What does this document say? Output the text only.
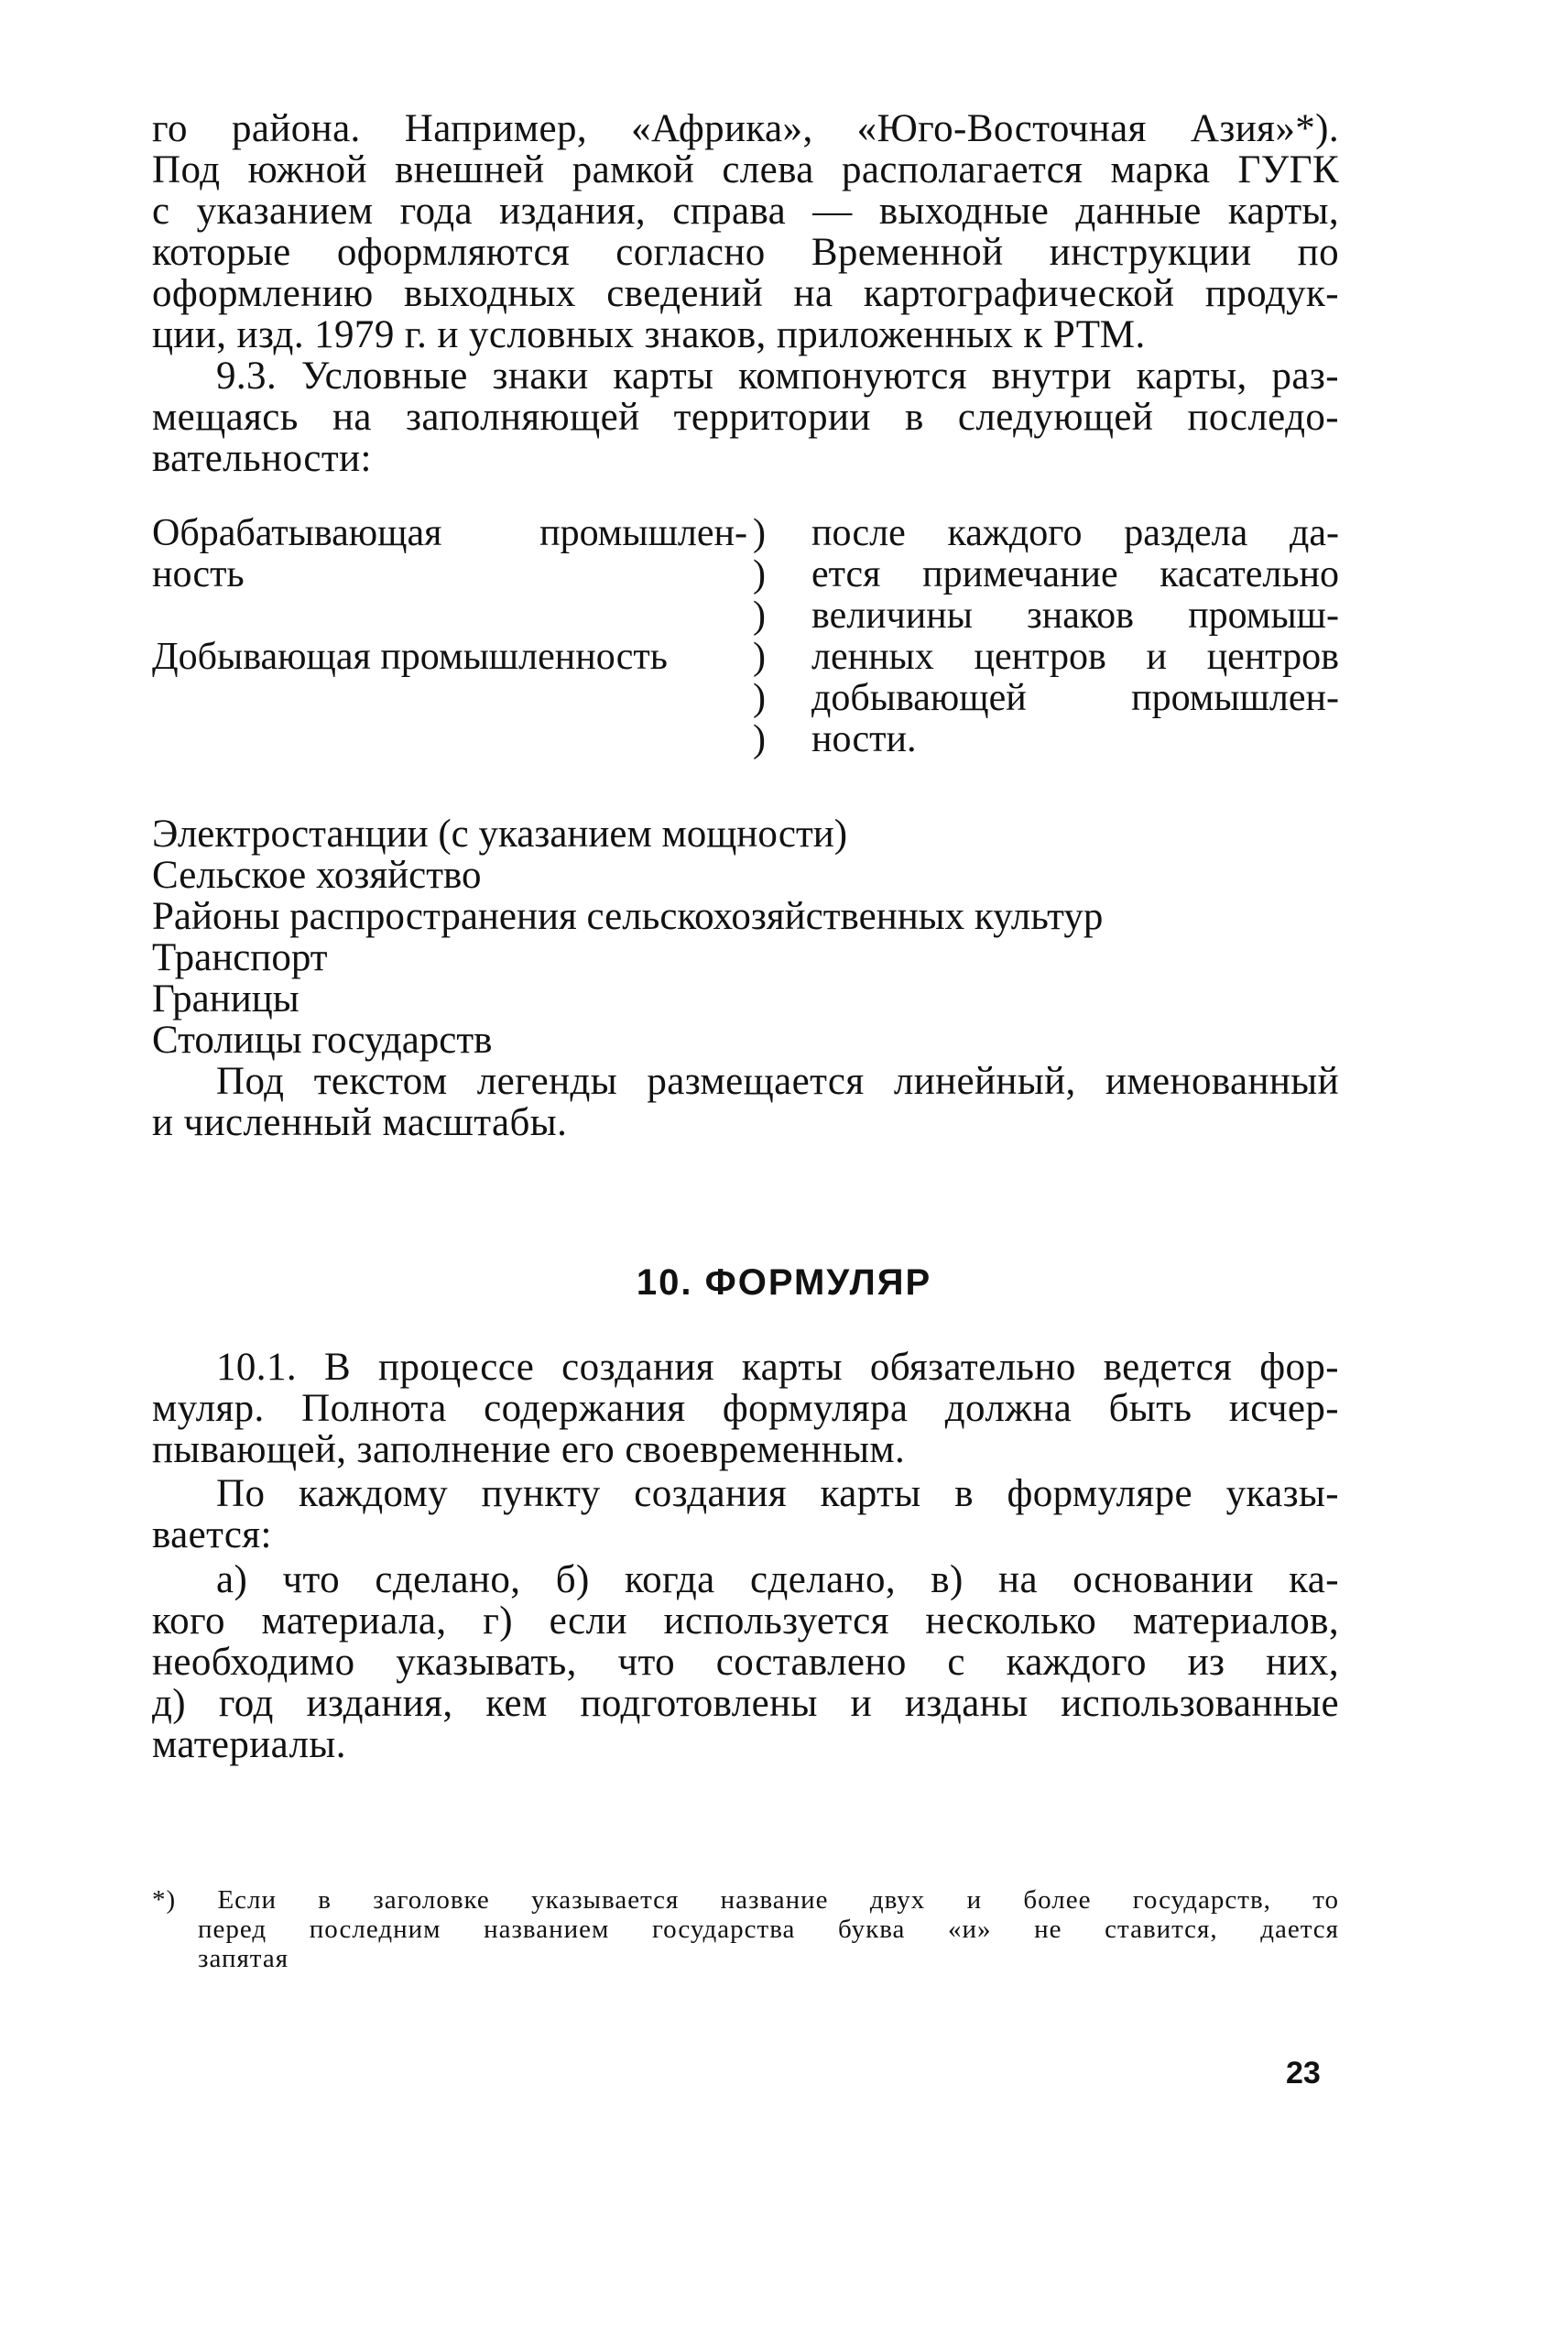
го района. Например, «Африка», «Юго-Восточная Азия»*).
Под южной внешней рамкой слева располагается марка ГУГК
с указанием года издания, справа — выходные данные карты,
которые оформляются согласно Временной инструкции по
оформлению выходных сведений на картографической продук-
ции, изд. 1979 г. и условных знаков, приложенных к РТМ.

9.3. Условные знаки карты компонуются внутри карты, раз-
мещаясь на заполняющей территории в следующей последо-
вательности:

Обрабатывающая промышлен-
ность
Добывающая промышленность
)
)
)
)
)
)
после каждого раздела да-
ется примечание касательно
величины знаков промыш-
ленных центров и центров
добывающей промышлен-
ности.
Электростанции (с указанием мощности)
Сельское хозяйство
Районы распространения сельскохозяйственных культур
Транспорт
Границы
Столицы государств

Под текстом легенды размещается линейный, именованный
и численный масштабы.

10. ФОРМУЛЯР

10.1. В процессе создания карты обязательно ведется фор-
муляр. Полнота содержания формуляра должна быть исчер-
пывающей, заполнение его своевременным.

По каждому пункту создания карты в формуляре указы-
вается:

а) что сделано, б) когда сделано, в) на основании ка-
кого материала, г) если используется несколько материалов,
необходимо указывать, что составлено с каждого из них,
д) год издания, кем подготовлены и изданы использованные
материалы.

*) Если в заголовке указывается название двух и более государств, то
перед последним названием государства буква «и» не ставится, дается
запятая
23
